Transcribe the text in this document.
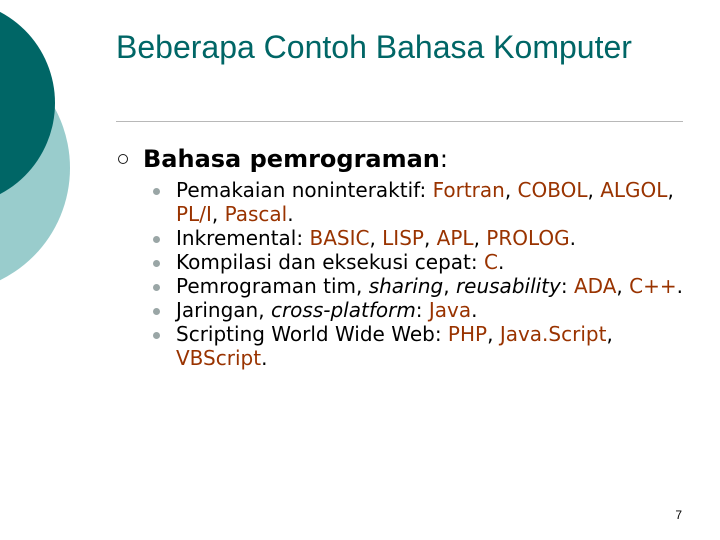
Beberapa Contoh Bahasa Komputer
Bahasa pemrograman:
Pemakaian noninteraktif: Fortran, COBOL, ALGOL, PL/I, Pascal.
Inkremental: BASIC, LISP, APL, PROLOG.
Kompilasi dan eksekusi cepat: C.
Pemrograman tim, sharing, reusability: ADA, C++.
Jaringan, cross-platform: Java.
Scripting World Wide Web: PHP, Java.Script, VBScript.
7
